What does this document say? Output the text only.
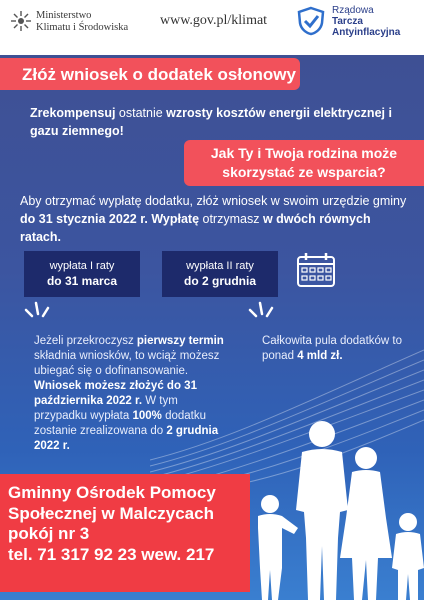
Ministerstwo
Klimatu i Środowiska www.gov.pl/klimat
Rządowa
Tarcza
Antyinflacyjna
Złóż wniosek o dodatek osłonowy
Zrekompensuj ostatnie wzrosty kosztów energii elektrycznej i gazu ziemnego!
Jak Ty i Twoja rodzina może
skorzystać ze wsparcia?
Aby otrzymać wypłatę dodatku, złóż wniosek w swoim urzędzie gminy do 31 stycznia 2022 r. Wypłatę otrzymasz w dwóch równych ratach.
wypłata I raty
do 31 marca
wypłata II raty
do 2 grudnia
Jeżeli przekroczysz pierwszy termin składnia wniosków, to wciąż możesz ubiegać się o dofinansowanie. Wniosek możesz złożyć do 31 października 2022 r. W tym przypadku wypłata 100% dodatku zostanie zrealizowana do 2 grudnia 2022 r.
Całkowita pula dodatków to ponad 4 mld zł.
Gminny Ośrodek Pomocy
Społecznej w Malczycach
pokój nr 3
tel. 71 317 92 23 wew. 217
